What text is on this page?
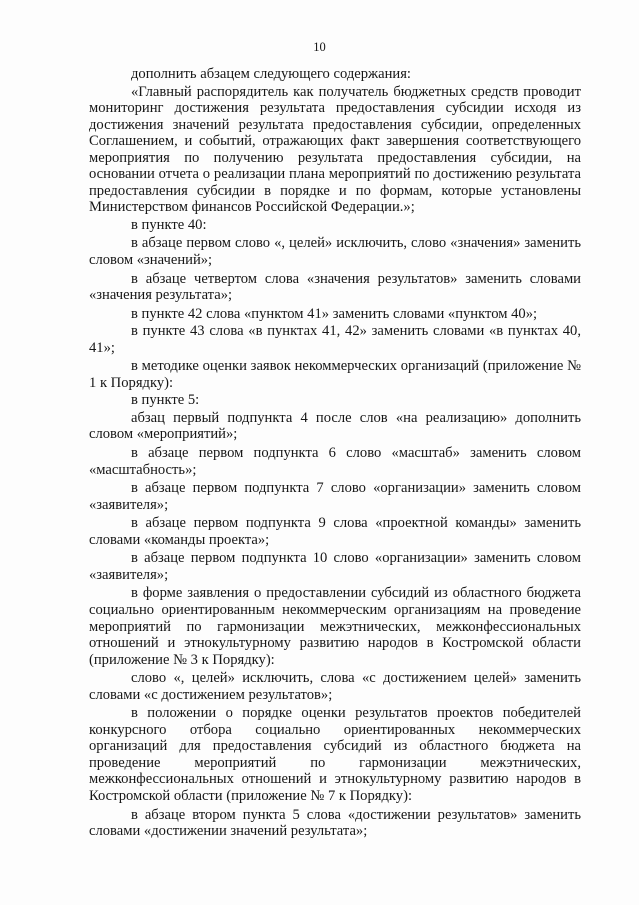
10

дополнить абзацем следующего содержания:

«Главный распорядитель как получатель бюджетных средств проводит мониторинг достижения результата предоставления субсидии исходя из достижения значений результата предоставления субсидии, определенных Соглашением, и событий, отражающих факт завершения соответствующего мероприятия по получению результата предоставления субсидии, на основании отчета о реализации плана мероприятий по достижению результата предоставления субсидии в порядке и по формам, которые установлены Министерством финансов Российской Федерации.»;

в пункте 40:

в абзаце первом слово «, целей» исключить, слово «значения» заменить словом «значений»;

в абзаце четвертом слова «значения результатов» заменить словами «значения результата»;

в пункте 42 слова «пунктом 41» заменить словами «пунктом 40»;

в пункте 43 слова «в пунктах 41, 42» заменить словами «в пунктах 40, 41»;

в методике оценки заявок некоммерческих организаций (приложение № 1 к Порядку):

в пункте 5:

абзац первый подпункта 4 после слов «на реализацию» дополнить словом «мероприятий»;

в абзаце первом подпункта 6 слово «масштаб» заменить словом «масштабность»;

в абзаце первом подпункта 7 слово «организации» заменить словом «заявителя»;

в абзаце первом подпункта 9 слова «проектной команды» заменить словами «команды проекта»;

в абзаце первом подпункта 10 слово «организации» заменить словом «заявителя»;

в форме заявления о предоставлении субсидий из областного бюджета социально ориентированным некоммерческим организациям на проведение мероприятий по гармонизации межэтнических, межконфессиональных отношений и этнокультурному развитию народов в Костромской области (приложение № 3 к Порядку):

слово «, целей» исключить, слова «с достижением целей» заменить словами «с достижением результатов»;

в положении о порядке оценки результатов проектов победителей конкурсного отбора социально ориентированных некоммерческих организаций для предоставления субсидий из областного бюджета на проведение мероприятий по гармонизации межэтнических, межконфессиональных отношений и этнокультурному развитию народов в Костромской области (приложение № 7 к Порядку):

в абзаце втором пункта 5 слова «достижении результатов» заменить словами «достижении значений результата»;
